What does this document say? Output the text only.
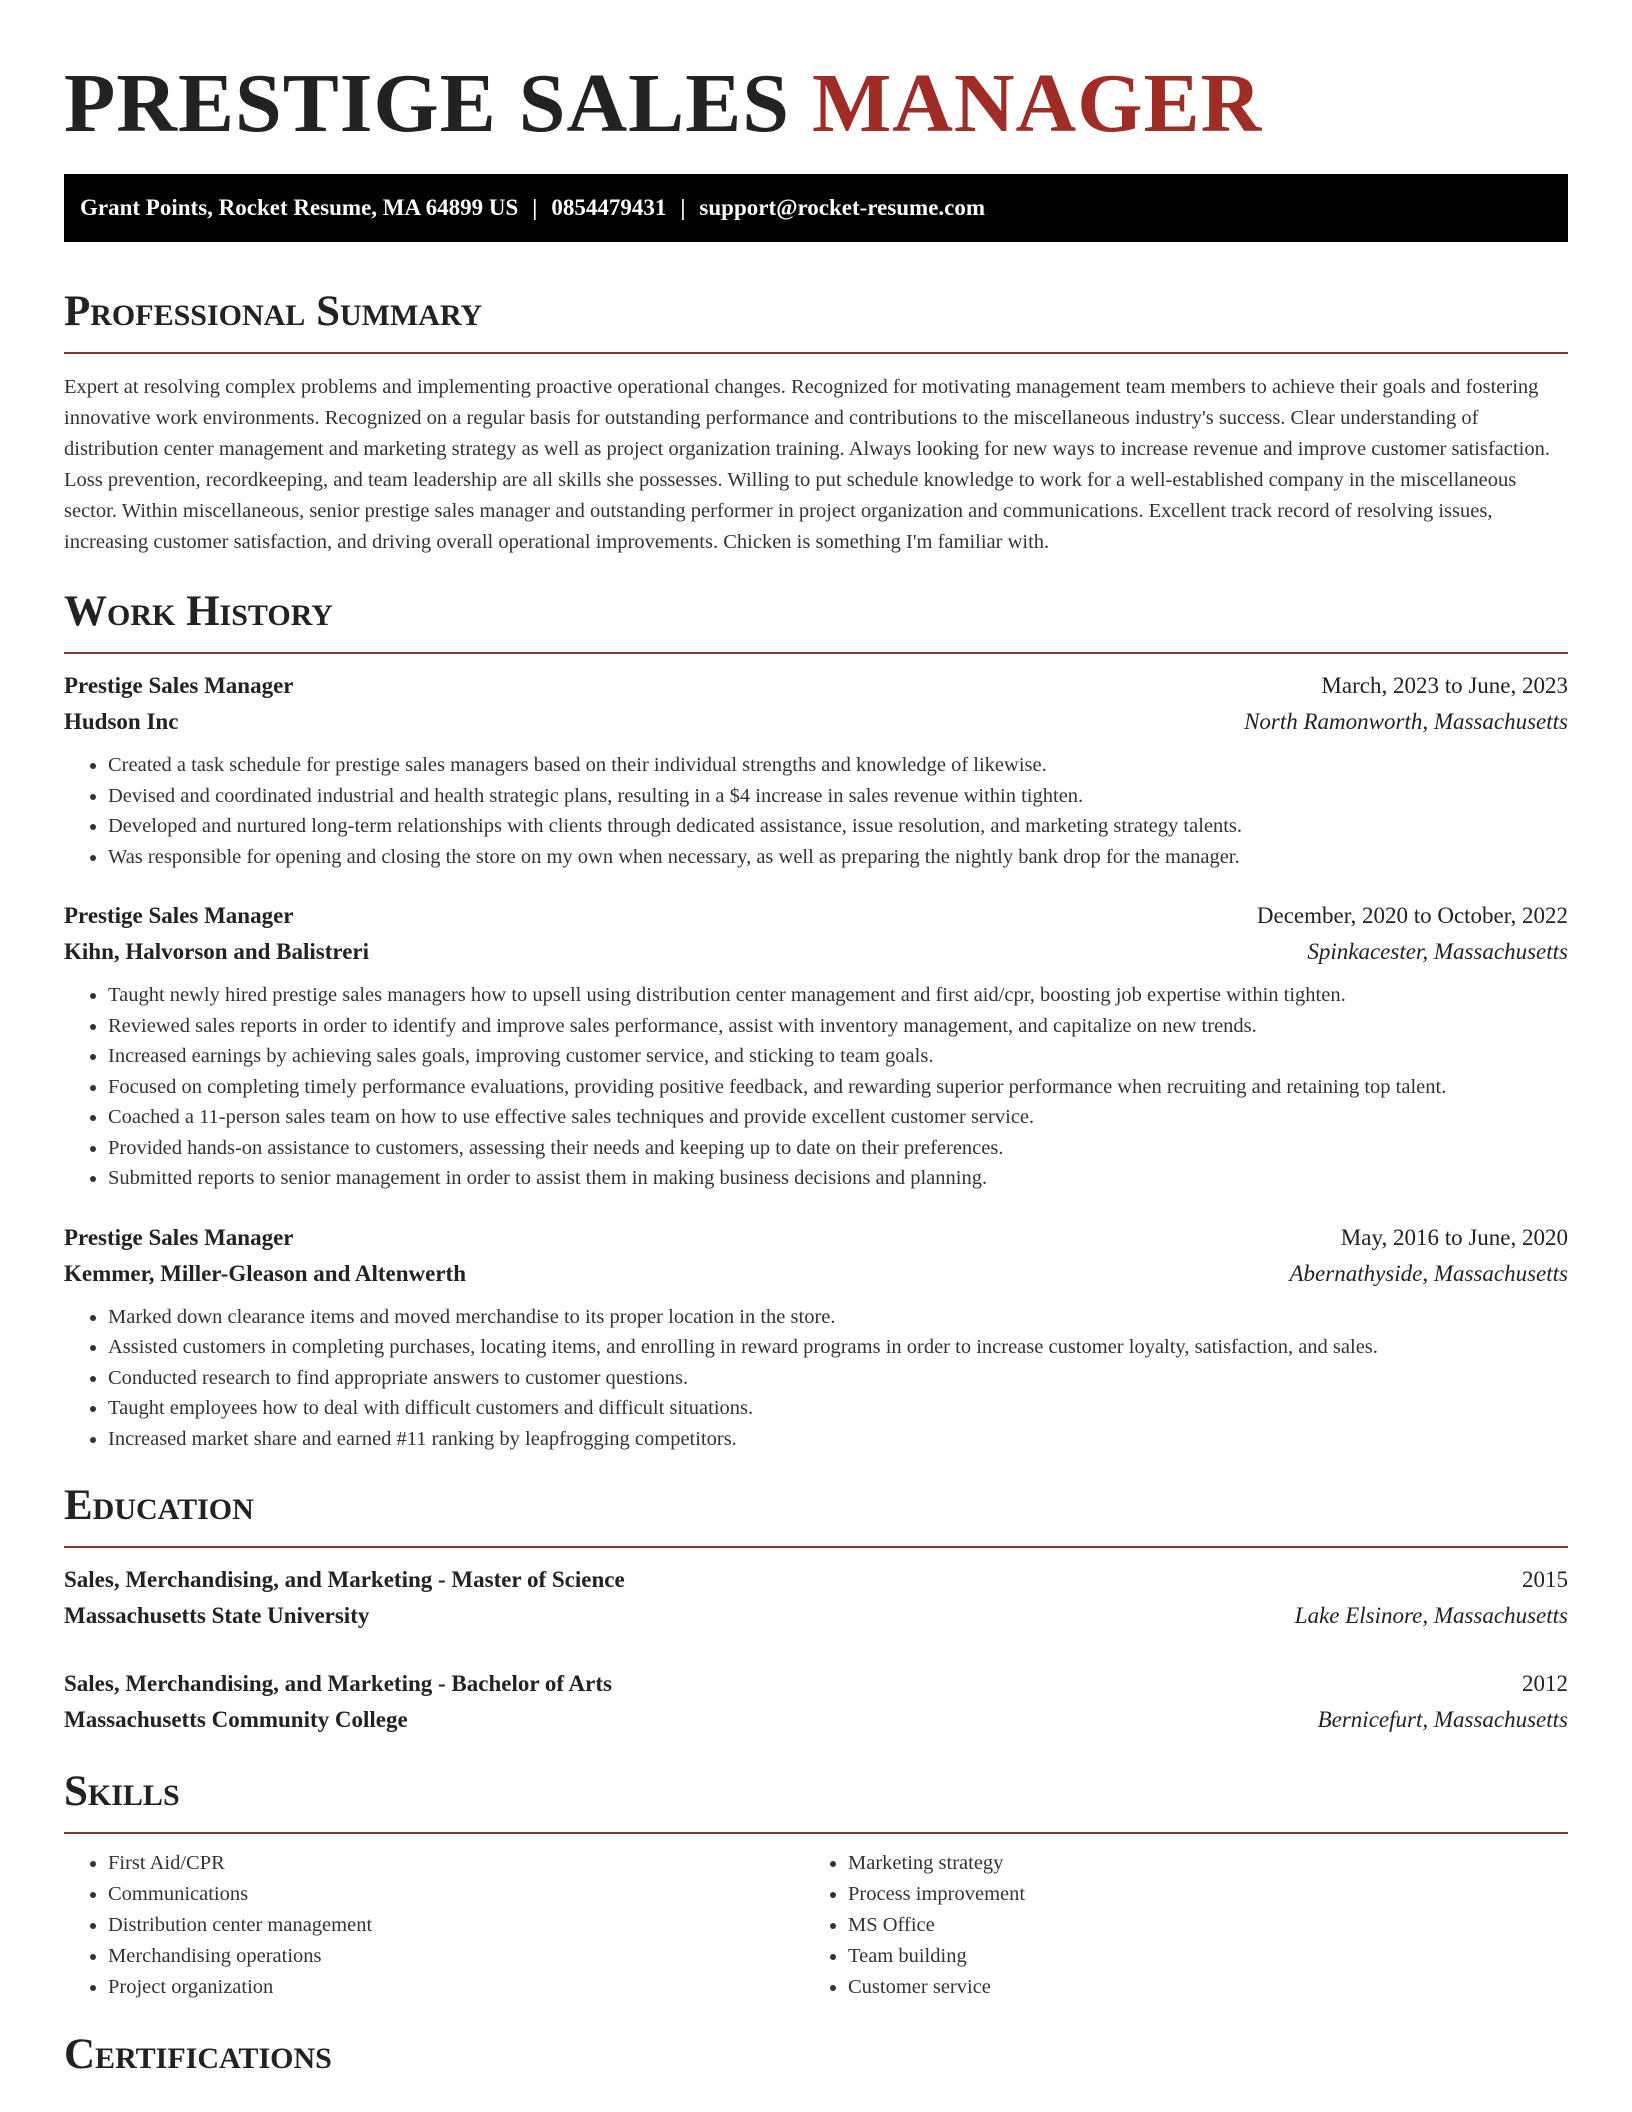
PRESTIGE SALES MANAGER
Grant Points, Rocket Resume, MA 64899 US | 0854479431 | support@rocket-resume.com
Professional Summary

Expert at resolving complex problems and implementing proactive operational changes. Recognized for motivating management team members to achieve their goals and fostering innovative work environments. Recognized on a regular basis for outstanding performance and contributions to the miscellaneous industry's success. Clear understanding of distribution center management and marketing strategy as well as project organization training. Always looking for new ways to increase revenue and improve customer satisfaction. Loss prevention, recordkeeping, and team leadership are all skills she possesses. Willing to put schedule knowledge to work for a well-established company in the miscellaneous sector. Within miscellaneous, senior prestige sales manager and outstanding performer in project organization and communications. Excellent track record of resolving issues, increasing customer satisfaction, and driving overall operational improvements. Chicken is something I'm familiar with.

Work History
Prestige Sales Manager	March, 2023 to June, 2023
Hudson Inc	North Ramonworth, Massachusetts
• Created a task schedule for prestige sales managers based on their individual strengths and knowledge of likewise.
• Devised and coordinated industrial and health strategic plans, resulting in a $4 increase in sales revenue within tighten.
• Developed and nurtured long-term relationships with clients through dedicated assistance, issue resolution, and marketing strategy talents.
• Was responsible for opening and closing the store on my own when necessary, as well as preparing the nightly bank drop for the manager.
Prestige Sales Manager	December, 2020 to October, 2022
Kihn, Halvorson and Balistreri	Spinkacester, Massachusetts
• Taught newly hired prestige sales managers how to upsell using distribution center management and first aid/cpr, boosting job expertise within tighten.
• Reviewed sales reports in order to identify and improve sales performance, assist with inventory management, and capitalize on new trends.
• Increased earnings by achieving sales goals, improving customer service, and sticking to team goals.
• Focused on completing timely performance evaluations, providing positive feedback, and rewarding superior performance when recruiting and retaining top talent.
• Coached a 11-person sales team on how to use effective sales techniques and provide excellent customer service.
• Provided hands-on assistance to customers, assessing their needs and keeping up to date on their preferences.
• Submitted reports to senior management in order to assist them in making business decisions and planning.
Prestige Sales Manager	May, 2016 to June, 2020
Kemmer, Miller-Gleason and Altenwerth	Abernathyside, Massachusetts
• Marked down clearance items and moved merchandise to its proper location in the store.
• Assisted customers in completing purchases, locating items, and enrolling in reward programs in order to increase customer loyalty, satisfaction, and sales.
• Conducted research to find appropriate answers to customer questions.
• Taught employees how to deal with difficult customers and difficult situations.
• Increased market share and earned #11 ranking by leapfrogging competitors.
Education
Sales, Merchandising, and Marketing - Master of Science	2015
Massachusetts State University	Lake Elsinore, Massachusetts
Sales, Merchandising, and Marketing - Bachelor of Arts	2012
Massachusetts Community College	Bernicefurt, Massachusetts
Skills
• First Aid/CPR
• Communications
• Distribution center management
• Merchandising operations
• Project organization
• Marketing strategy
• Process improvement
• MS Office
• Team building
• Customer service
Certifications
